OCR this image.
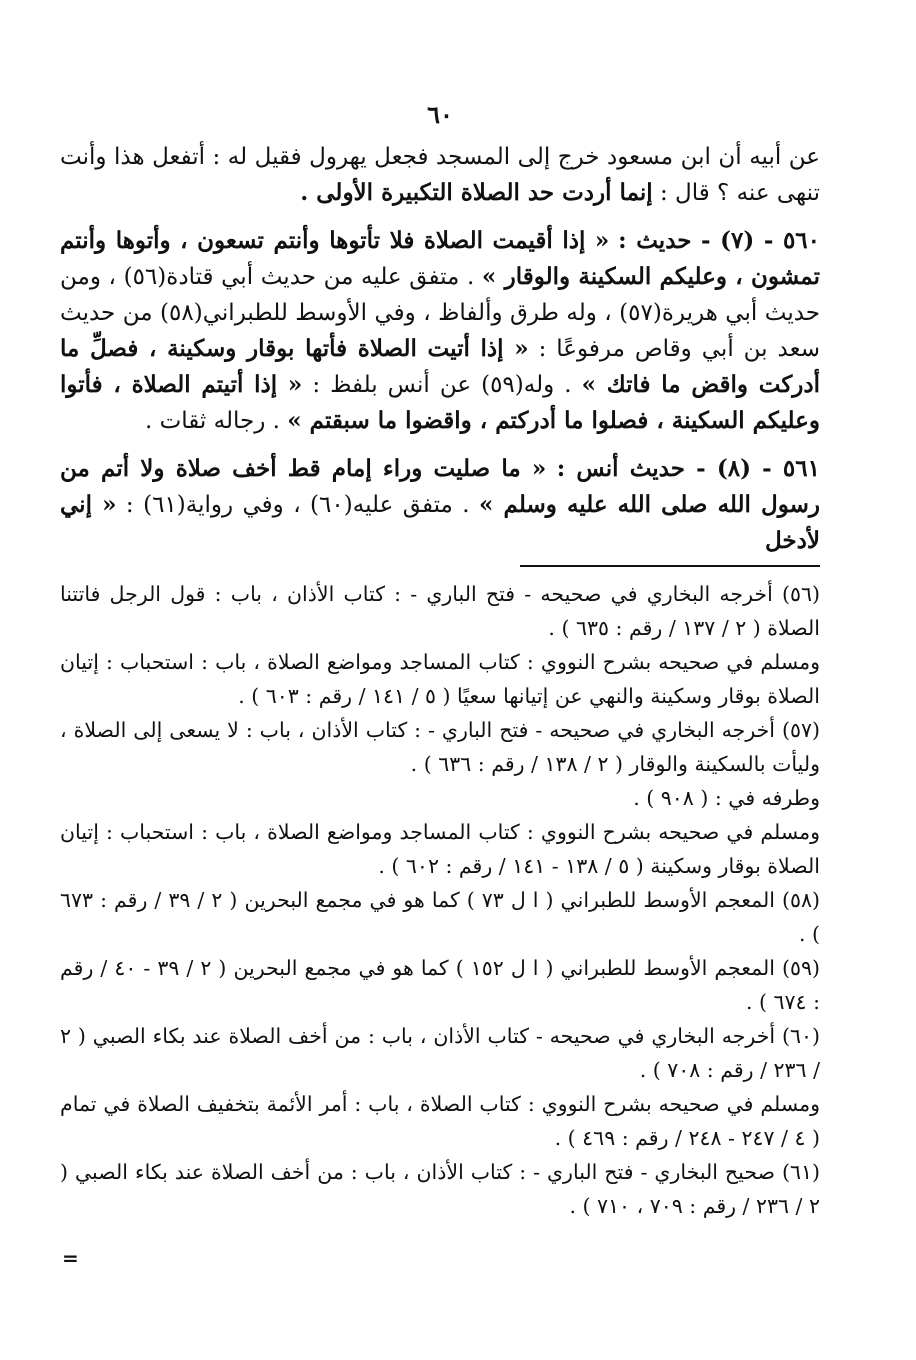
٦٠

عن أبيه أن ابن مسعود خرج إلى المسجد فجعل يهرول فقيل له : أتفعل هذا وأنت تنهى عنه ؟ قال : إنما أردت حد الصلاة التكبيرة الأولى .

٥٦٠ - (٧) - حديث : « إذا أقيمت الصلاة فلا تأتوها وأنتم تسعون ، وأتوها وأنتم تمشون ، وعليكم السكينة والوقار » . متفق عليه من حديث أبي قتادة(٥٦) ، ومن حديث أبي هريرة(٥٧) ، وله طرق وألفاظ ، وفي الأوسط للطبراني(٥٨) من حديث سعد بن أبي وقاص مرفوعًا : « إذا أتيت الصلاة فأتها بوقار وسكينة ، فصلِّ ما أدركت واقض ما فاتك » . وله(٥٩) عن أنس بلفظ : « إذا أتيتم الصلاة ، فأتوا وعليكم السكينة ، فصلوا ما أدركتم ، واقضوا ما سبقتم » . رجاله ثقات .

٥٦١ - (٨) - حديث أنس : « ما صليت وراء إمام قط أخف صلاة ولا أتم من رسول الله صلى الله عليه وسلم » . متفق عليه(٦٠) ، وفي رواية(٦١) : « إني لأدخل

(٥٦) أخرجه البخاري في صحيحه - فتح الباري - : كتاب الأذان ، باب : قول الرجل فاتتنا الصلاة ( ٢ / ١٣٧ / رقم : ٦٣٥ ) .

ومسلم في صحيحه بشرح النووي : كتاب المساجد ومواضع الصلاة ، باب : استحباب : إتيان الصلاة بوقار وسكينة والنهي عن إتيانها سعيًا ( ٥ / ١٤١ / رقم : ٦٠٣ ) .

(٥٧) أخرجه البخاري في صحيحه - فتح الباري - : كتاب الأذان ، باب : لا يسعى إلى الصلاة ، وليأت بالسكينة والوقار ( ٢ / ١٣٨ / رقم : ٦٣٦ ) .

وطرفه في : ( ٩٠٨ ) .

ومسلم في صحيحه بشرح النووي : كتاب المساجد ومواضع الصلاة ، باب : استحباب : إتيان الصلاة بوقار وسكينة ( ٥ / ١٣٨ - ١٤١ / رقم : ٦٠٢ ) .

(٥٨) المعجم الأوسط للطبراني ( ا ل ٧٣ ) كما هو في مجمع البحرين ( ٢ / ٣٩ / رقم : ٦٧٣ ) .

(٥٩) المعجم الأوسط للطبراني ( ا ل ١٥٢ ) كما هو في مجمع البحرين ( ٢ / ٣٩ - ٤٠ / رقم : ٦٧٤ ) .

(٦٠) أخرجه البخاري في صحيحه - كتاب الأذان ، باب : من أخف الصلاة عند بكاء الصبي ( ٢ / ٢٣٦ / رقم : ٧٠٨ ) .

ومسلم في صحيحه بشرح النووي : كتاب الصلاة ، باب : أمر الأئمة بتخفيف الصلاة في تمام ( ٤ / ٢٤٧ - ٢٤٨ / رقم : ٤٦٩ ) .

(٦١) صحيح البخاري - فتح الباري - : كتاب الأذان ، باب : من أخف الصلاة عند بكاء الصبي ( ٢ / ٢٣٦ / رقم : ٧٠٩ ، ٧١٠ ) .

=
